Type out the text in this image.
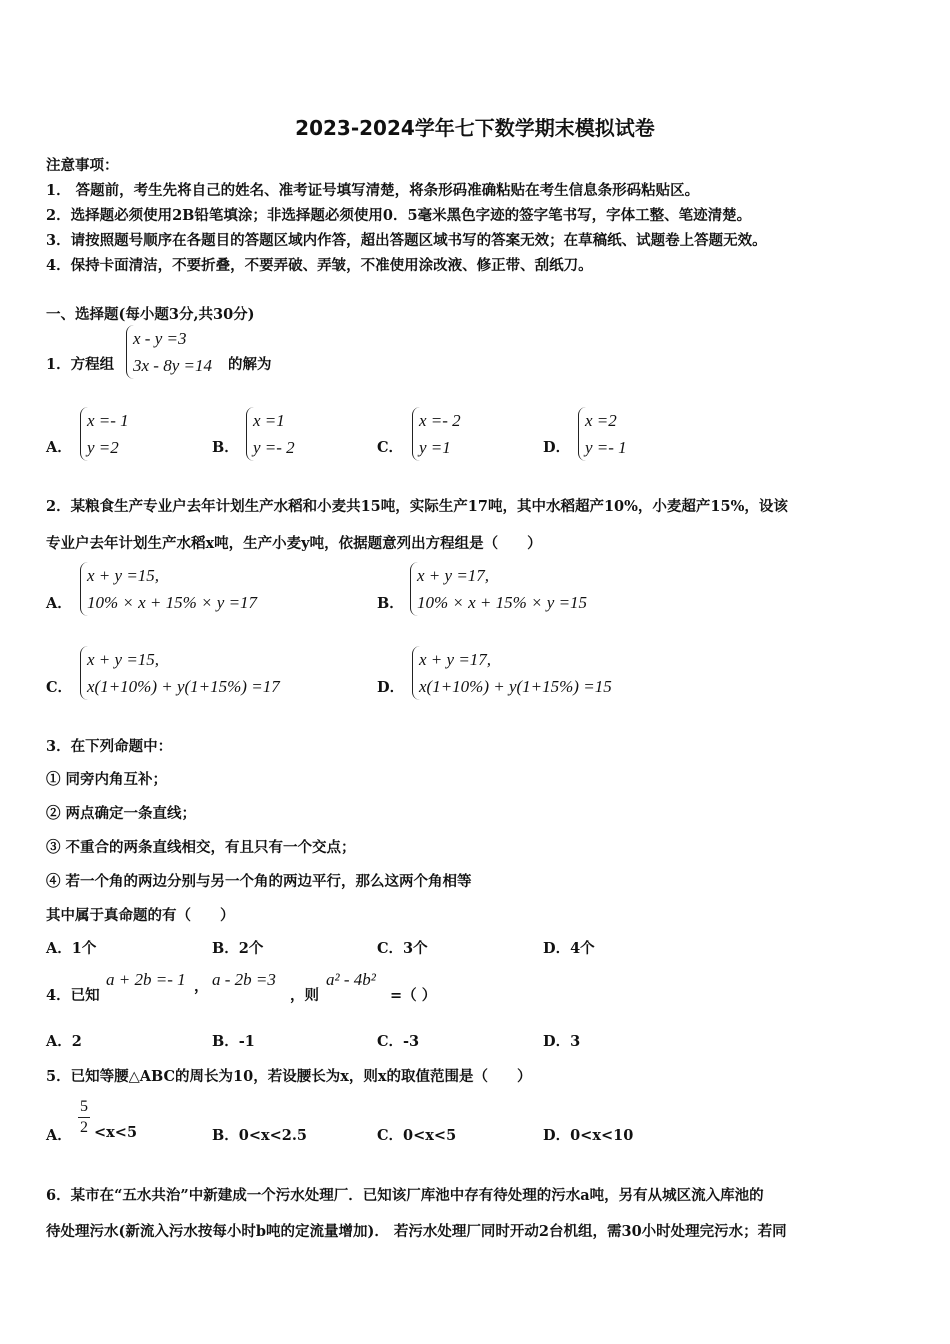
2023-2024学年七下数学期末模拟试卷
注意事项：
1． 答题前，考生先将自己的姓名、准考证号填写清楚，将条形码准确粘贴在考生信息条形码粘贴区。
2．选择题必须使用2B铅笔填涂；非选择题必须使用0．5毫米黑色字迹的签字笔书写，字体工整、笔迹清楚。
3．请按照题号顺序在各题目的答题区域内作答，超出答题区域书写的答案无效；在草稿纸、试题卷上答题无效。
4．保持卡面清洁，不要折叠，不要弄破、弄皱，不准使用涂改液、修正带、刮纸刀。
一、选择题(每小题3分,共30分)
1．方程组
x - y =3
3x - 8y =14 的解为
A．
x =- 1
y =2	B．
x =1
y =- 2	C．
x =- 2
y =1	D．
x =2
y =- 1
2．某粮食生产专业户去年计划生产水稻和小麦共15吨，实际生产17吨，其中水稻超产10%，小麦超产15%，设该
专业户去年计划生产水稻x吨，生产小麦y吨，依据题意列出方程组是（　　）
A．
x + y =15,
10% × x + 15% × y =17	B．
x + y =17,
10% × x + 15% × y =15
C．
x + y =15,
x(1+10%) + y(1+15%) =17	D．
x + y =17,
x(1+10%) + y(1+15%) =15
3．在下列命题中：
① 同旁内角互补；
② 两点确定一条直线；
③ 不重合的两条直线相交，有且只有一个交点；
④ 若一个角的两边分别与另一个角的两边平行，那么这两个角相等
其中属于真命题的有（　　）
A．1个	B．2个	C．3个	D．4个
4．已知
a + 2b =- 1 ， a - 2b =3
，则
a² - 4b²
=（ ）
A．2	B．-1	C．-3	D．3
5．已知等腰△ABC的周长为10，若设腰长为x，则x的取值范围是（　　）
A．
5
2 <x<5	B．0<x<2.5	C．0<x<5	D．0<x<10
6．某市在“五水共治”中新建成一个污水处理厂．已知该厂库池中存有待处理的污水a吨，另有从城区流入库池的
待处理污水(新流入污水按每小时b吨的定流量增加)． 若污水处理厂同时开动2台机组，需30小时处理完污水；若同
